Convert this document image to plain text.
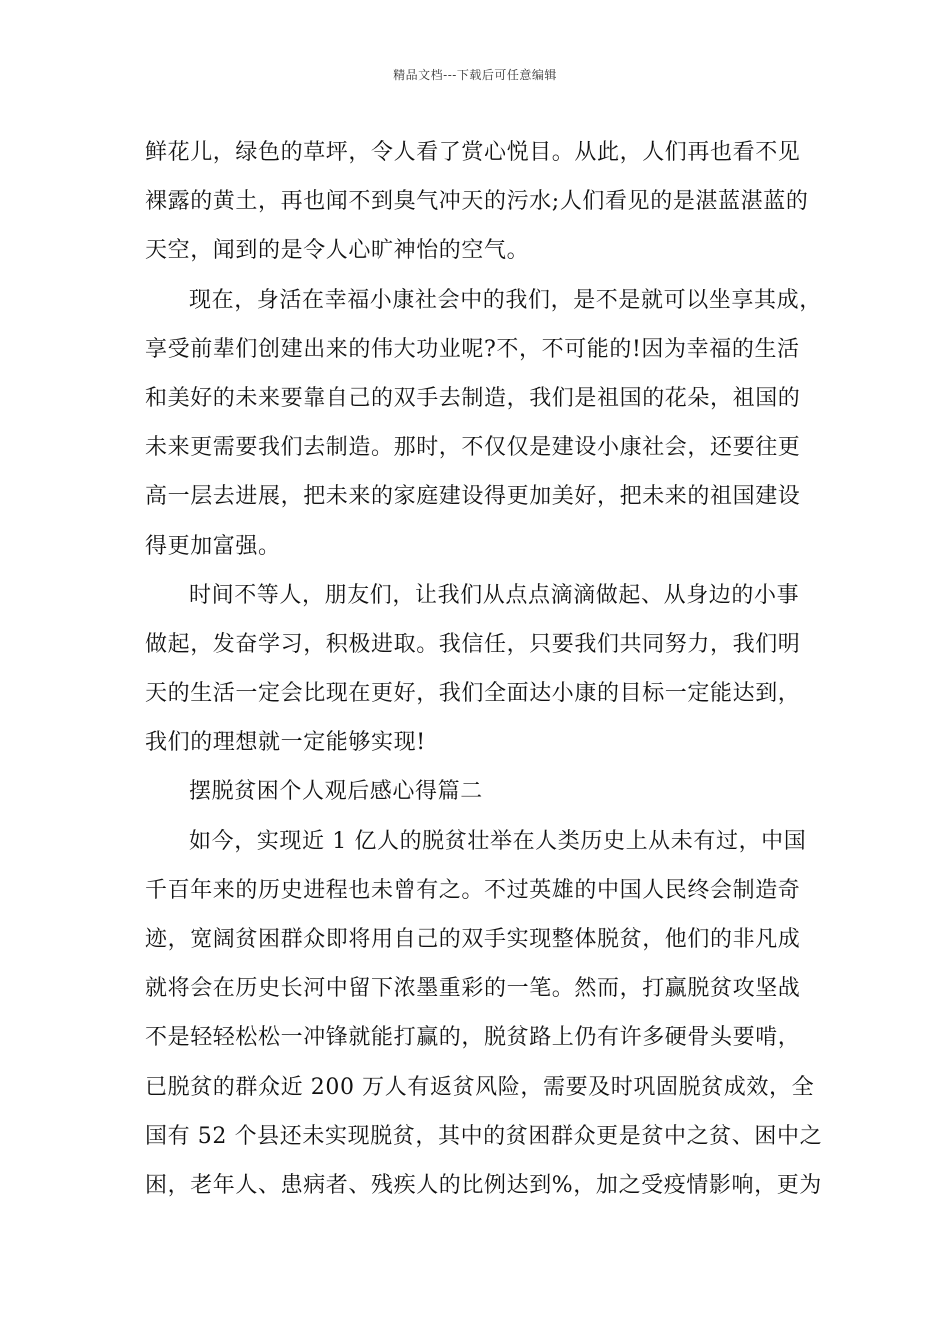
精品文档---下载后可任意编辑
鲜花儿，绿色的草坪，令人看了赏心悦目。从此，人们再也看不见
裸露的黄土，再也闻不到臭气冲天的污水;人们看见的是湛蓝湛蓝的
天空，闻到的是令人心旷神怡的空气。
现在，身活在幸福小康社会中的我们，是不是就可以坐享其成，
享受前辈们创建出来的伟大功业呢?不，不可能的!因为幸福的生活
和美好的未来要靠自己的双手去制造，我们是祖国的花朵，祖国的
未来更需要我们去制造。那时，不仅仅是建设小康社会，还要往更
高一层去进展，把未来的家庭建设得更加美好，把未来的祖国建设
得更加富强。
时间不等人，朋友们，让我们从点点滴滴做起、从身边的小事
做起，发奋学习，积极进取。我信任，只要我们共同努力，我们明
天的生活一定会比现在更好，我们全面达小康的目标一定能达到，
我们的理想就一定能够实现!
摆脱贫困个人观后感心得篇二
如今，实现近 1 亿人的脱贫壮举在人类历史上从未有过，中国
千百年来的历史进程也未曾有之。不过英雄的中国人民终会制造奇
迹，宽阔贫困群众即将用自己的双手实现整体脱贫，他们的非凡成
就将会在历史长河中留下浓墨重彩的一笔。然而，打赢脱贫攻坚战
不是轻轻松松一冲锋就能打赢的，脱贫路上仍有许多硬骨头要啃，
已脱贫的群众近 200 万人有返贫风险，需要及时巩固脱贫成效，全
国有 52 个县还未实现脱贫，其中的贫困群众更是贫中之贫、困中之
困，老年人、患病者、残疾人的比例达到%，加之受疫情影响，更为
